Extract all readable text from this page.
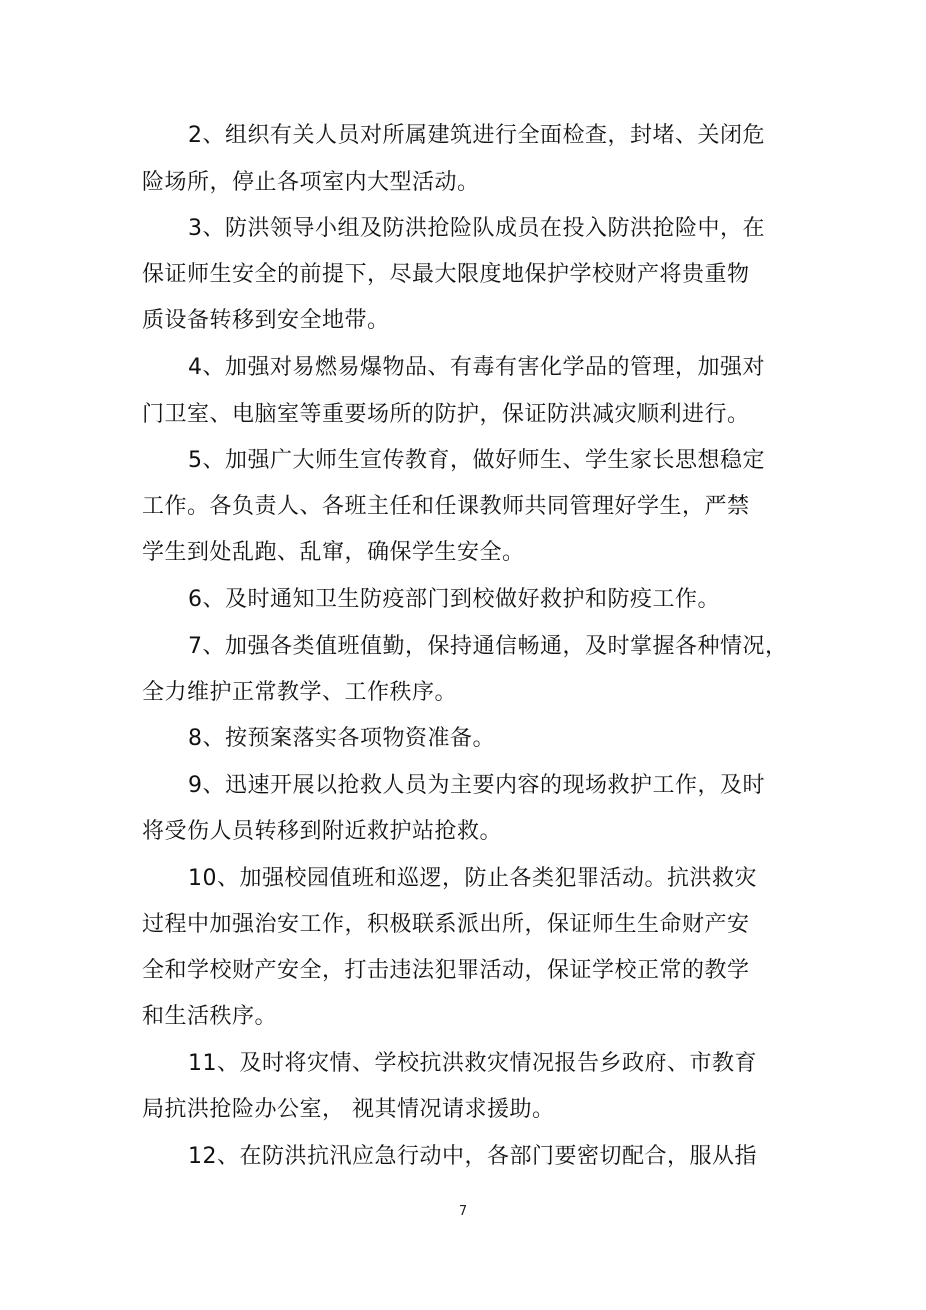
2、组织有关人员对所属建筑进行全面检查，封堵、关闭危
险场所，停止各项室内大型活动。
3、防洪领导小组及防洪抢险队成员在投入防洪抢险中，在
保证师生安全的前提下，尽最大限度地保护学校财产将贵重物
质设备转移到安全地带。
4、加强对易燃易爆物品、有毒有害化学品的管理，加强对
门卫室、电脑室等重要场所的防护，保证防洪减灾顺利进行。
5、加强广大师生宣传教育，做好师生、学生家长思想稳定
工作。各负责人、各班主任和任课教师共同管理好学生，严禁
学生到处乱跑、乱窜，确保学生安全。
6、及时通知卫生防疫部门到校做好救护和防疫工作。
7、加强各类值班值勤，保持通信畅通，及时掌握各种情况，
全力维护正常教学、工作秩序。
8、按预案落实各项物资准备。
9、迅速开展以抢救人员为主要内容的现场救护工作，及时
将受伤人员转移到附近救护站抢救。
10、加强校园值班和巡逻，防止各类犯罪活动。抗洪救灾
过程中加强治安工作，积极联系派出所，保证师生生命财产安
全和学校财产安全，打击违法犯罪活动，保证学校正常的教学
和生活秩序。
11、及时将灾情、学校抗洪救灾情况报告乡政府、市教育
局抗洪抢险办公室， 视其情况请求援助。
12、在防洪抗汛应急行动中，各部门要密切配合，服从指
7
